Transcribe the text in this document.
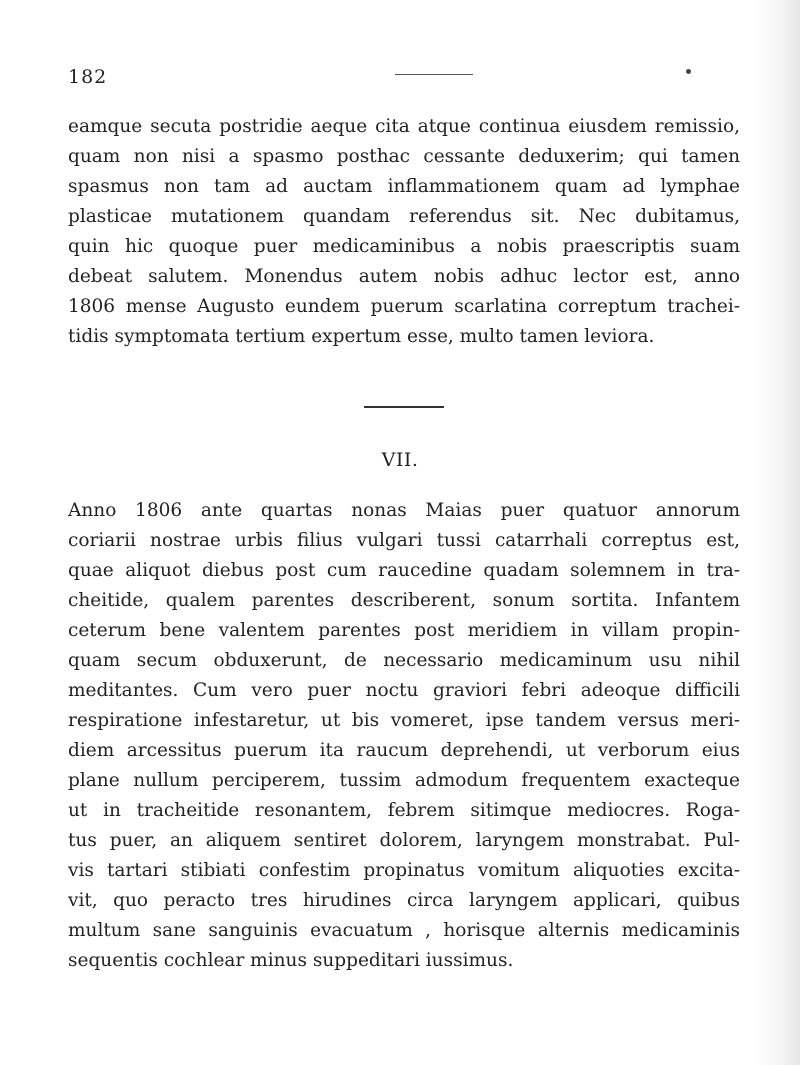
182

eamque secuta postridie aeque cita atque continua eiusdem remissio,
quam non nisi a spasmo posthac cessante deduxerim; qui tamen
spasmus non tam ad auctam inflammationem quam ad lymphae
plasticae mutationem quandam referendus sit. Nec dubitamus,
quin hic quoque puer medicaminibus a nobis praescriptis suam
debeat salutem. Monendus autem nobis adhuc lector est, anno
1806 mense Augusto eundem puerum scarlatina correptum trachei-
tidis symptomata tertium expertum esse, multo tamen leviora.

VII.

Anno 1806 ante quartas nonas Maias puer quatuor annorum
coriarii nostrae urbis filius vulgari tussi catarrhali correptus est,
quae aliquot diebus post cum raucedine quadam solemnem in tra-
cheitide, qualem parentes describerent, sonum sortita. Infantem
ceterum bene valentem parentes post meridiem in villam propin-
quam secum obduxerunt, de necessario medicaminum usu nihil
meditantes. Cum vero puer noctu graviori febri adeoque difficili
respiratione infestaretur, ut bis vomeret, ipse tandem versus meri-
diem arcessitus puerum ita raucum deprehendi, ut verborum eius
plane nullum perciperem, tussim admodum frequentem exacteque
ut in tracheitide resonantem, febrem sitimque mediocres. Roga-
tus puer, an aliquem sentiret dolorem, laryngem monstrabat. Pul-
vis tartari stibiati confestim propinatus vomitum aliquoties excita-
vit, quo peracto tres hirudines circa laryngem applicari, quibus
multum sane sanguinis evacuatum , horisque alternis medicaminis
sequentis cochlear minus suppeditari iussimus.
